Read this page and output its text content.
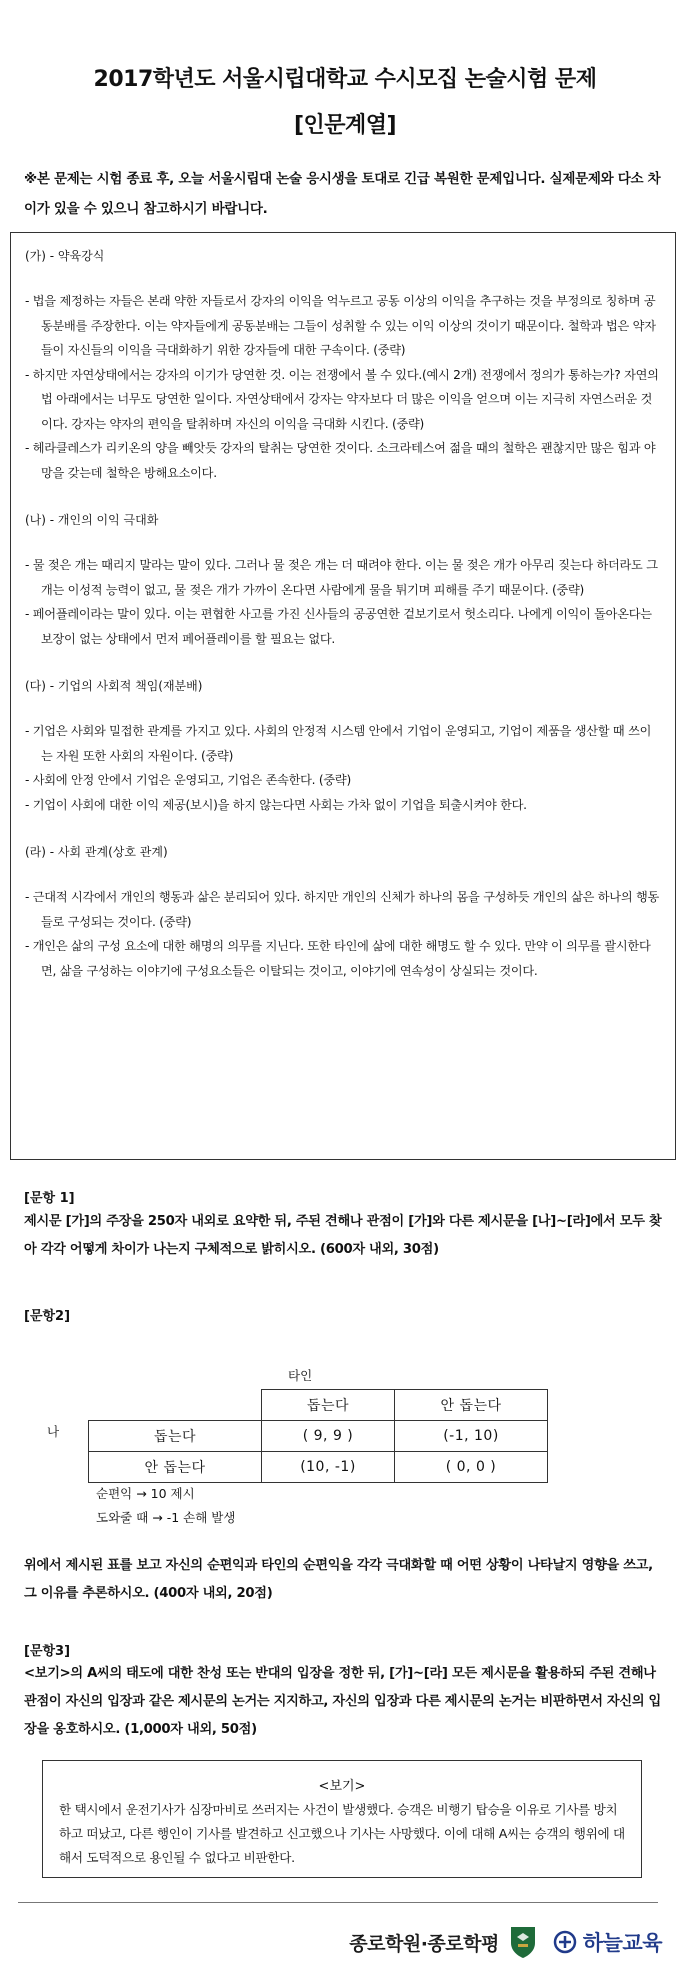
2017학년도 서울시립대학교 수시모집 논술시험 문제
[인문계열]
※본 문제는 시험 종료 후, 오늘 서울시립대 논술 응시생을 토대로 긴급 복원한 문제입니다. 실제문제와 다소 차이가 있을 수 있으니 참고하시기 바랍니다.
(가) - 약육강식
- 법을 제정하는 자들은 본래 약한 자들로서 강자의 이익을 억누르고 공동 이상의 이익을 추구하는 것을 부정의로 칭하며 공동분배를 주장한다. 이는 약자들에게 공동분배는 그들이 성취할 수 있는 이익 이상의 것이기 때문이다. 철학과 법은 약자들이 자신들의 이익을 극대화하기 위한 강자들에 대한 구속이다. (중략)
- 하지만 자연상태에서는 강자의 이기가 당연한 것. 이는 전쟁에서 볼 수 있다.(예시 2개) 전쟁에서 정의가 통하는가? 자연의 법 아래에서는 너무도 당연한 일이다. 자연상태에서 강자는 약자보다 더 많은 이익을 얻으며 이는 지극히 자연스러운 것이다. 강자는 약자의 편익을 탈취하며 자신의 이익을 극대화 시킨다. (중략)
- 헤라클레스가 리키온의 양을 빼앗듯 강자의 탈취는 당연한 것이다. 소크라테스여 젊을 때의 철학은 괜찮지만 많은 힘과 야망을 갖는데 철학은 방해요소이다.
(나) - 개인의 이익 극대화
- 물 젖은 개는 때리지 말라는 말이 있다. 그러나 물 젖은 개는 더 때려야 한다. 이는 물 젖은 개가 아무리 짖는다 하더라도 그 개는 이성적 능력이 없고, 물 젖은 개가 가까이 온다면 사람에게 물을 튀기며 피해를 주기 때문이다. (중략)
- 페어플레이라는 말이 있다. 이는 편협한 사고를 가진 신사들의 공공연한 겉보기로서 헛소리다. 나에게 이익이 돌아온다는 보장이 없는 상태에서 먼저 페어플레이를 할 필요는 없다.
(다) - 기업의 사회적 책임(재분배)
- 기업은 사회와 밀접한 관계를 가지고 있다. 사회의 안정적 시스템 안에서 기업이 운영되고, 기업이 제품을 생산할 때 쓰이는 자원 또한 사회의 자원이다. (중략)
- 사회에 안정 안에서 기업은 운영되고, 기업은 존속한다. (중략)
- 기업이 사회에 대한 이익 제공(보시)을 하지 않는다면 사회는 가차 없이 기업을 퇴출시켜야 한다.
(라) - 사회 관계(상호 관계)
- 근대적 시각에서 개인의 행동과 삶은 분리되어 있다. 하지만 개인의 신체가 하나의 몸을 구성하듯 개인의 삶은 하나의 행동들로 구성되는 것이다. (중략)
- 개인은 삶의 구성 요소에 대한 해명의 의무를 지닌다. 또한 타인에 삶에 대한 해명도 할 수 있다. 만약 이 의무를 괄시한다면, 삶을 구성하는 이야기에 구성요소들은 이탈되는 것이고, 이야기에 연속성이 상실되는 것이다.
[문항 1]
제시문 [가]의 주장을 250자 내외로 요약한 뒤, 주된 견해나 관점이 [가]와 다른 제시문을 [나]~[라]에서 모두 찾아 각각 어떻게 차이가 나는지 구체적으로 밝히시오. (600자 내외, 30점)
[문항2]
타인
나
	돕는다	안 돕는다
돕는다	( 9, 9 )	(-1, 10)
안 돕는다	(10, -1)	( 0, 0 )
순편익 → 10 제시
도와줄 때 → -1 손해 발생
위에서 제시된 표를 보고 자신의 순편익과 타인의 순편익을 각각 극대화할 때 어떤 상황이 나타날지 영향을 쓰고, 그 이유를 추론하시오. (400자 내외, 20점)
[문항3]
<보기>의 A씨의 태도에 대한 찬성 또는 반대의 입장을 정한 뒤, [가]~[라] 모든 제시문을 활용하되 주된 견해나 관점이 자신의 입장과 같은 제시문의 논거는 지지하고, 자신의 입장과 다른 제시문의 논거는 비판하면서 자신의 입장을 옹호하시오. (1,000자 내외, 50점)
<보기>
한 택시에서 운전기사가 심장마비로 쓰러지는 사건이 발생했다. 승객은 비행기 탑승을 이유로 기사를 방치하고 떠났고, 다른 행인이 기사를 발견하고 신고했으나 기사는 사망했다. 이에 대해 A씨는 승객의 행위에 대해서 도덕적으로 용인될 수 없다고 비판한다.
종로학원·종로학평	하늘교육
